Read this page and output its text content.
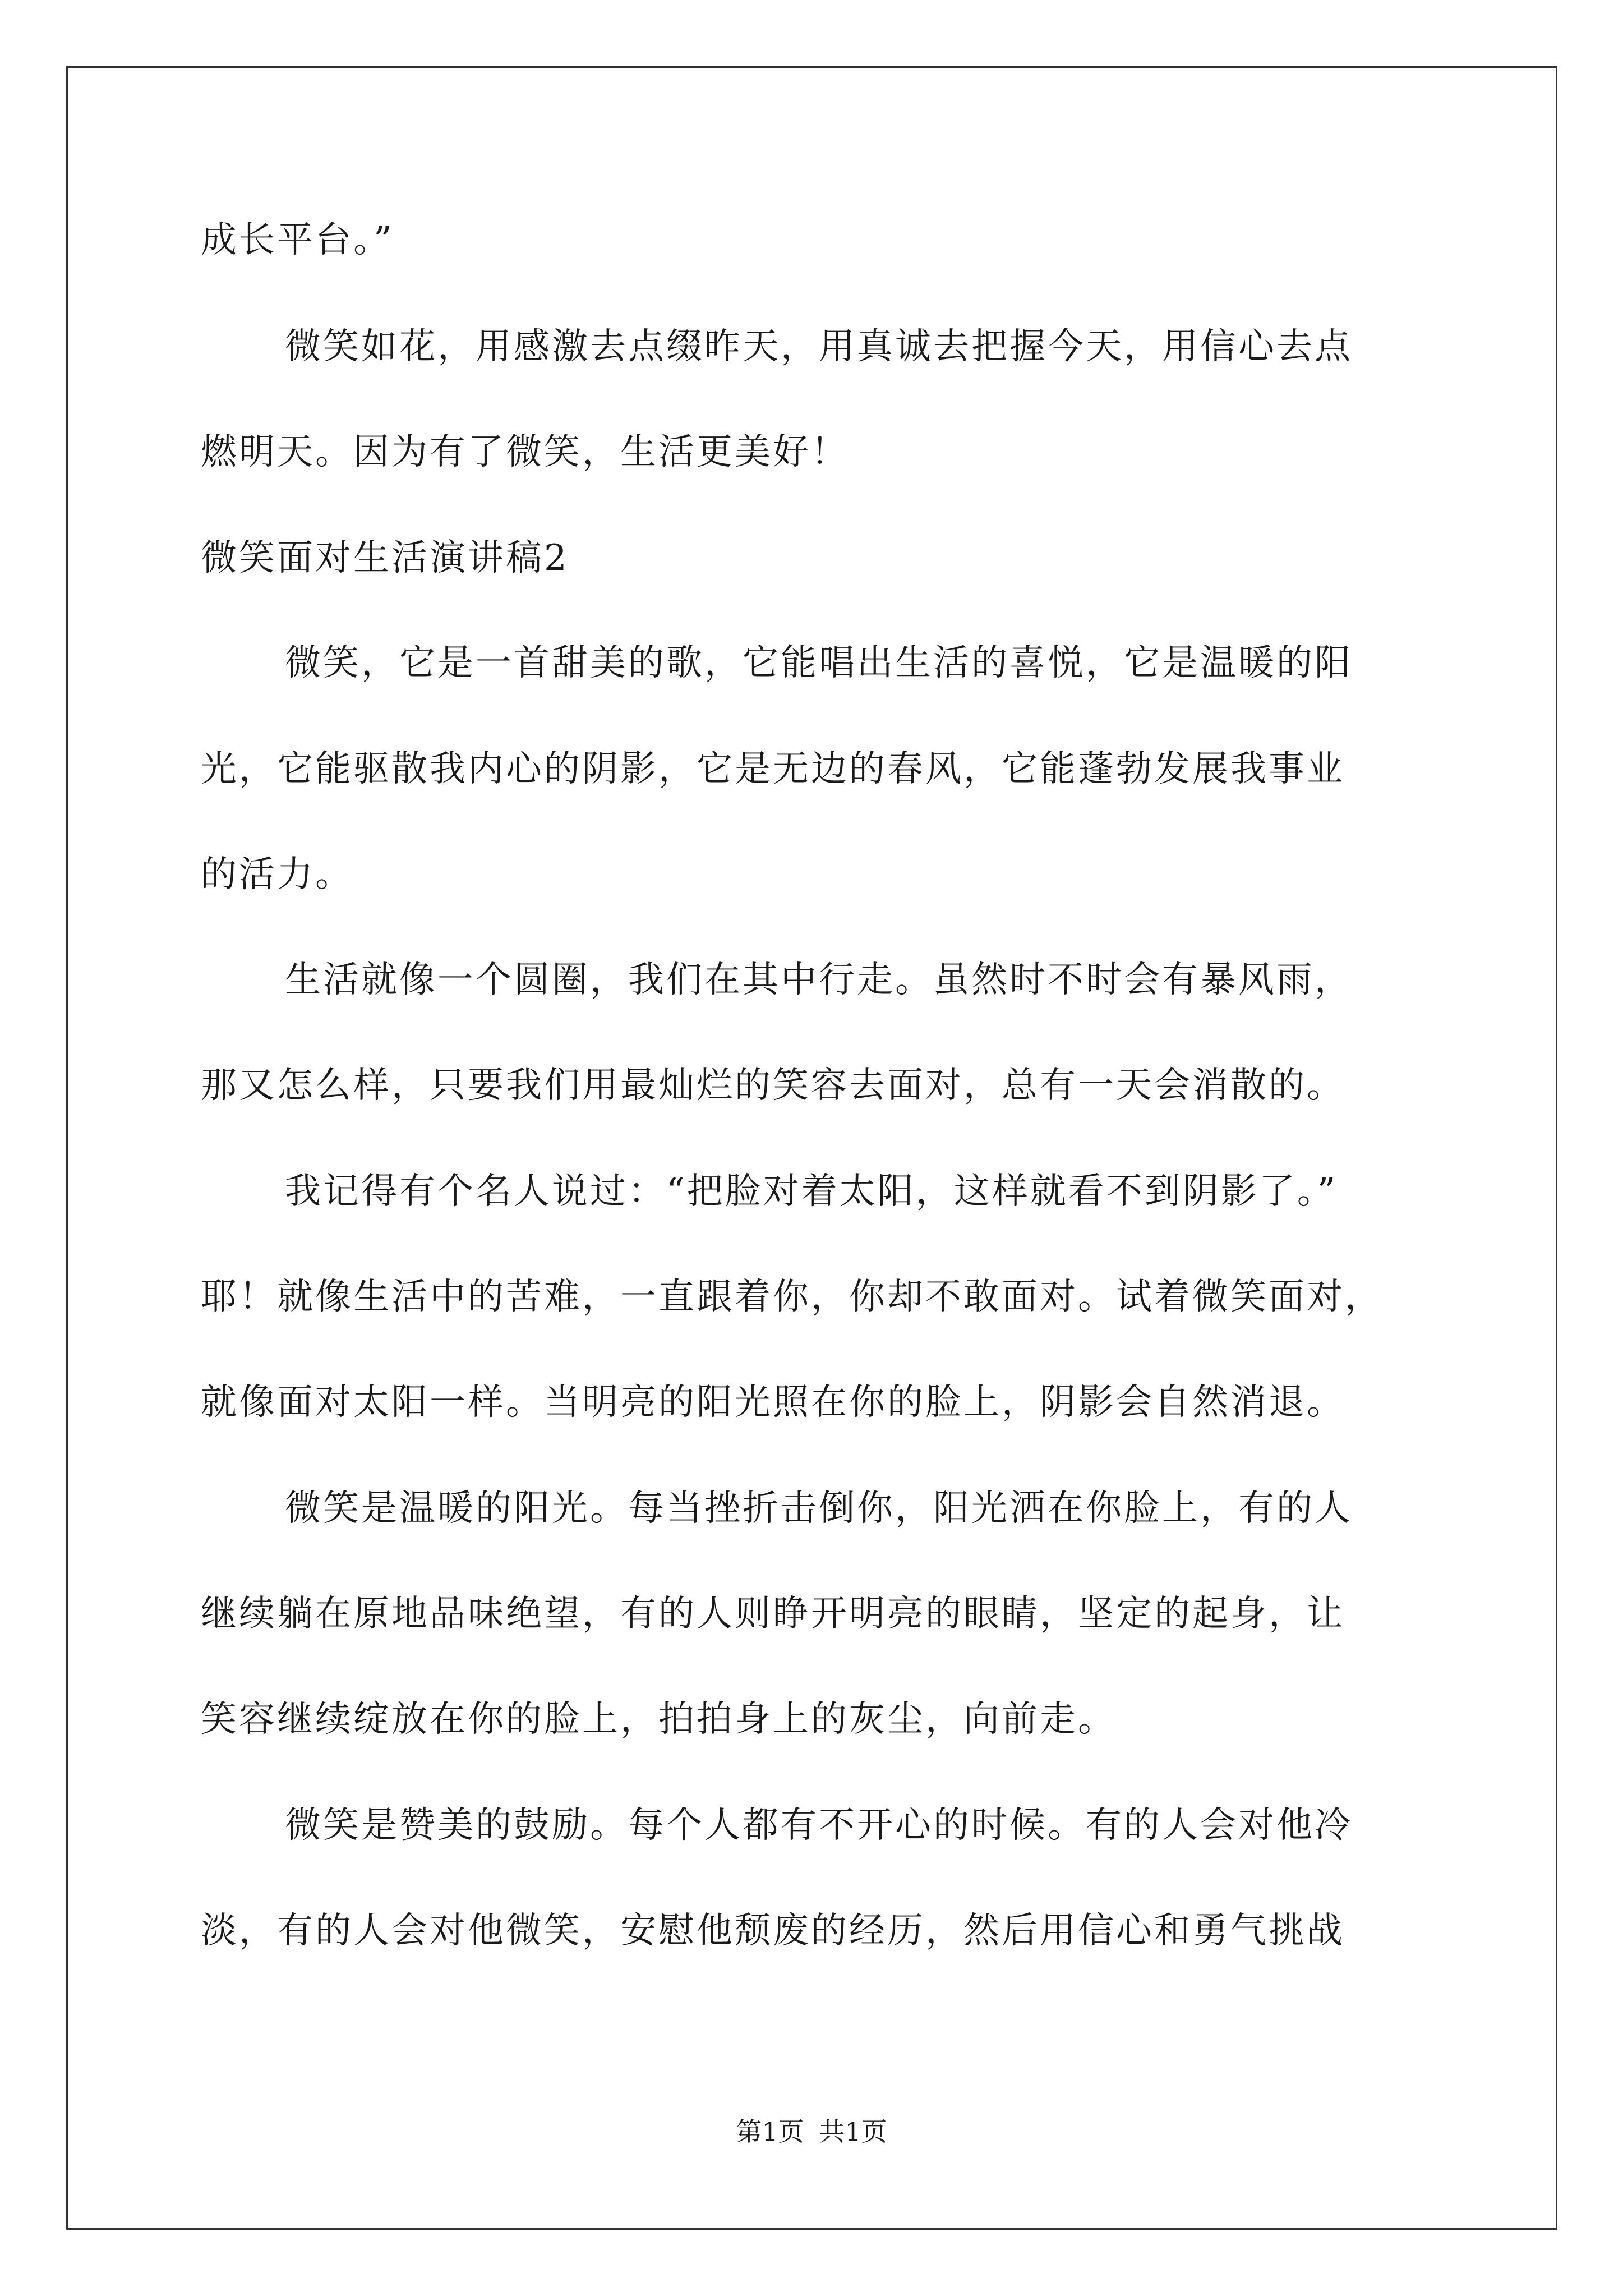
成长平台。”
微笑如花，用感激去点缀昨天，用真诚去把握今天，用信心去点
燃明天。因为有了微笑，生活更美好！
微笑面对生活演讲稿2
微笑，它是一首甜美的歌，它能唱出生活的喜悦，它是温暖的阳
光，它能驱散我内心的阴影，它是无边的春风，它能蓬勃发展我事业
的活力。
生活就像一个圆圈，我们在其中行走。虽然时不时会有暴风雨，
那又怎么样，只要我们用最灿烂的笑容去面对，总有一天会消散的。
我记得有个名人说过：“把脸对着太阳，这样就看不到阴影了。”
耶！就像生活中的苦难，一直跟着你，你却不敢面对。试着微笑面对，
就像面对太阳一样。当明亮的阳光照在你的脸上，阴影会自然消退。
微笑是温暖的阳光。每当挫折击倒你，阳光洒在你脸上，有的人
继续躺在原地品味绝望，有的人则睁开明亮的眼睛，坚定的起身，让
笑容继续绽放在你的脸上，拍拍身上的灰尘，向前走。
微笑是赞美的鼓励。每个人都有不开心的时候。有的人会对他冷
淡，有的人会对他微笑，安慰他颓废的经历，然后用信心和勇气挑战
第1页 共1页
